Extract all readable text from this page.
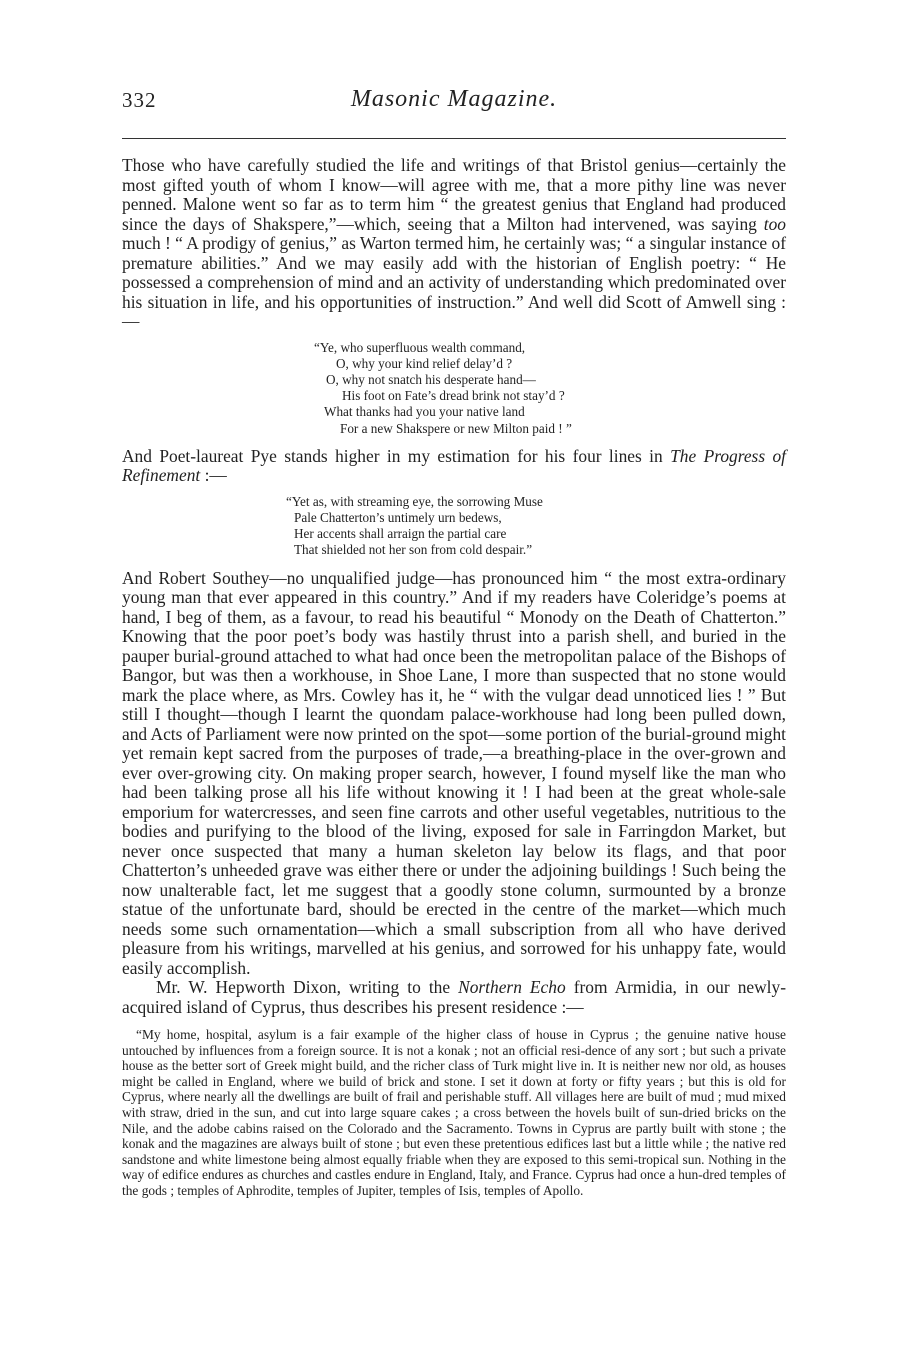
332	Masonic Magazine.

Those who have carefully studied the life and writings of that Bristol genius—certainly the most gifted youth of whom I know—will agree with me, that a more pithy line was never penned. Malone went so far as to term him “ the greatest genius that England had produced since the days of Shakspere,”—which, seeing that a Milton had intervened, was saying too much ! “ A prodigy of genius,” as Warton termed him, he certainly was; “ a singular instance of premature abilities.” And we may easily add with the historian of English poetry: “ He possessed a comprehension of mind and an activity of understanding which predominated over his situation in life, and his opportunities of instruction.” And well did Scott of Amwell sing :—

“Ye, who superfluous wealth command,
O, why your kind relief delay’d ?
O, why not snatch his desperate hand—
His foot on Fate’s dread brink not stay’d ?
What thanks had you your native land
For a new Shakspere or new Milton paid ! ”

And Poet-laureat Pye stands higher in my estimation for his four lines in The Progress of Refinement :—

“Yet as, with streaming eye, the sorrowing Muse
Pale Chatterton’s untimely urn bedews,
Her accents shall arraign the partial care
That shielded not her son from cold despair.”

And Robert Southey—no unqualified judge—has pronounced him “ the most extra-ordinary young man that ever appeared in this country.” And if my readers have Coleridge’s poems at hand, I beg of them, as a favour, to read his beautiful “ Monody on the Death of Chatterton.” Knowing that the poor poet’s body was hastily thrust into a parish shell, and buried in the pauper burial-ground attached to what had once been the metropolitan palace of the Bishops of Bangor, but was then a workhouse, in Shoe Lane, I more than suspected that no stone would mark the place where, as Mrs. Cowley has it, he “ with the vulgar dead unnoticed lies ! ” But still I thought—though I learnt the quondam palace-workhouse had long been pulled down, and Acts of Parliament were now printed on the spot—some portion of the burial-ground might yet remain kept sacred from the purposes of trade,—a breathing-place in the over-grown and ever over-growing city. On making proper search, however, I found myself like the man who had been talking prose all his life without knowing it ! I had been at the great whole-sale emporium for watercresses, and seen fine carrots and other useful vegetables, nutritious to the bodies and purifying to the blood of the living, exposed for sale in Farringdon Market, but never once suspected that many a human skeleton lay below its flags, and that poor Chatterton’s unheeded grave was either there or under the adjoining buildings ! Such being the now unalterable fact, let me suggest that a goodly stone column, surmounted by a bronze statue of the unfortunate bard, should be erected in the centre of the market—which much needs some such ornamentation—which a small subscription from all who have derived pleasure from his writings, marvelled at his genius, and sorrowed for his unhappy fate, would easily accomplish.

Mr. W. Hepworth Dixon, writing to the Northern Echo from Armidia, in our newly-acquired island of Cyprus, thus describes his present residence :—

“My home, hospital, asylum is a fair example of the higher class of house in Cyprus ; the genuine native house untouched by influences from a foreign source. It is not a konak ; not an official resi-dence of any sort ; but such a private house as the better sort of Greek might build, and the richer class of Turk might live in. It is neither new nor old, as houses might be called in England, where we build of brick and stone. I set it down at forty or fifty years ; but this is old for Cyprus, where nearly all the dwellings are built of frail and perishable stuff. All villages here are built of mud ; mud mixed with straw, dried in the sun, and cut into large square cakes ; a cross between the hovels built of sun-dried bricks on the Nile, and the adobe cabins raised on the Colorado and the Sacramento. Towns in Cyprus are partly built with stone ; the konak and the magazines are always built of stone ; but even these pretentious edifices last but a little while ; the native red sandstone and white limestone being almost equally friable when they are exposed to this semi-tropical sun. Nothing in the way of edifice endures as churches and castles endure in England, Italy, and France. Cyprus had once a hun-dred temples of the gods ; temples of Aphrodite, temples of Jupiter, temples of Isis, temples of Apollo.
